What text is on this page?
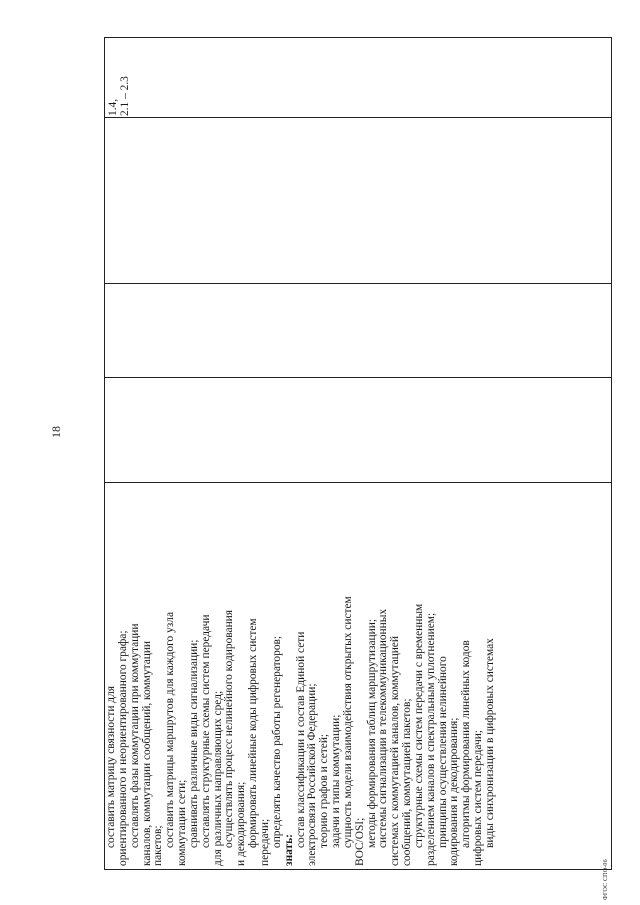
18
ФГОС СПО-06
составить матрицу связности для ориентированного и неориентированного графа; составлять фазы коммутации при коммутации каналов, коммутации сообщений, коммутации пакетов; составить матрицы маршрутов для каждого узла коммутации сети; сравнивать различные виды сигнализации; составлять структурные схемы систем передачи для различных направляющих сред; осуществлять процесс нелинейного кодирования и декодирования; формировать линейные коды цифровых систем передачи; определять качество работы регенераторов;
знать:
состав классификации и состав Единой сети электросвязи Российской Федерации; теорию графов и сетей; задачи и типы коммутации; сущность модели взаимодействия открытых систем ВОС/OSI; методы формирования таблиц маршрутизации; системы сигнализации в телекоммуникационных системах с коммутацией каналов, коммутацией сообщений, коммутацией пакетов; структурные схемы систем передачи с временным разделением каналов и спектральным уплотнением; принципы осуществления нелинейного кодирования и декодирования; алгоритмы формирования линейных кодов цифровых систем передачи; виды синхронизации в цифровых системах
1.4, 2.1 – 2.3
